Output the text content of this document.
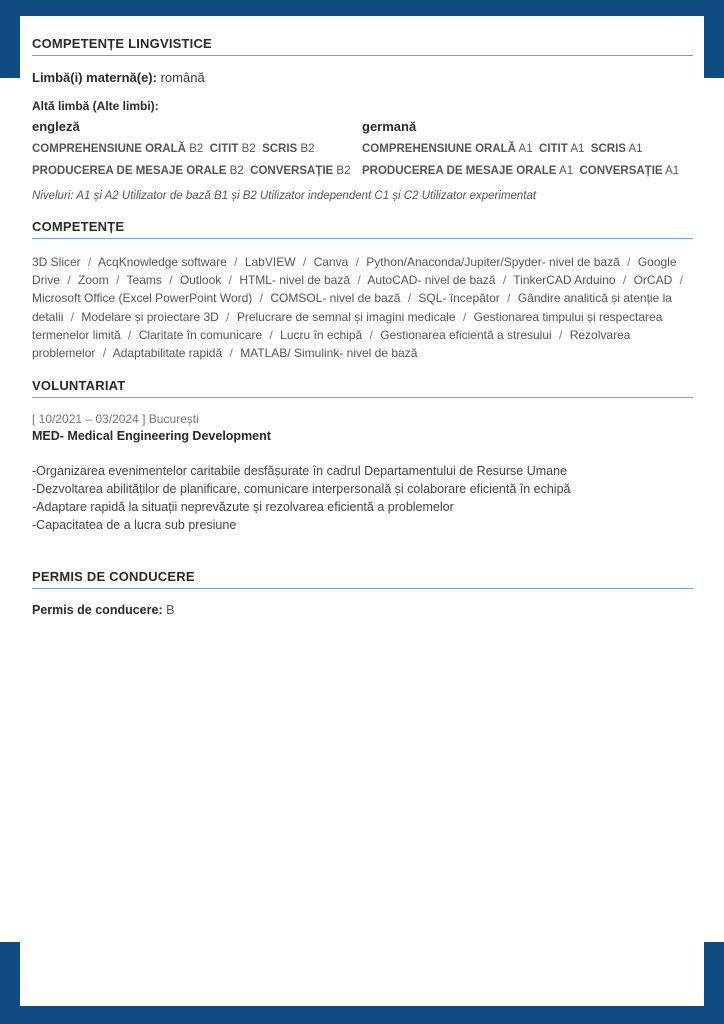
COMPETENȚE LINGVISTICE
Limbă(i) maternă(e): română
Altă limbă (Alte limbi):
engleză
COMPREHENSIUNE ORALĂ B2 CITIT B2 SCRIS B2
PRODUCEREA DE MESAJE ORALE B2 CONVERSAȚIE B2
germană
COMPREHENSIUNE ORALĂ A1 CITIT A1 SCRIS A1
PRODUCEREA DE MESAJE ORALE A1 CONVERSAȚIE A1
Niveluri: A1 și A2 Utilizator de bază B1 și B2 Utilizator independent C1 și C2 Utilizator experimentat
COMPETENȚE
3D Slicer / AcqKnowledge software / LabVIEW / Canva / Python/Anaconda/Jupiter/Spyder- nivel de bază / Google Drive / Zoom / Teams / Outlook / HTML- nivel de bază / AutoCAD- nivel de bază / TinkerCAD Arduino / OrCAD / Microsoft Office (Excel PowerPoint Word) / COMSOL- nivel de bază / SQL- începător / Gândire analitică și atenție la detalii / Modelare și proiectare 3D / Prelucrare de semnal și imagini medicale / Gestionarea timpului și respectarea termenelor limită / Claritate în comunicare / Lucru în echipă / Gestionarea eficientă a stresului / Rezolvarea problemelor / Adaptabilitate rapidă / MATLAB/ Simulink- nivel de bază
VOLUNTARIAT
[ 10/2021 – 03/2024 ] București
MED- Medical Engineering Development
-Organizarea evenimentelor caritabile desfășurate în cadrul Departamentului de Resurse Umane
-Dezvoltarea abilităților de planificare, comunicare interpersonală și colaborare eficientă în echipă
-Adaptare rapidă la situații neprevăzute și rezolvarea eficientă a problemelor
-Capacitatea de a lucra sub presiune
PERMIS DE CONDUCERE
Permis de conducere: B
